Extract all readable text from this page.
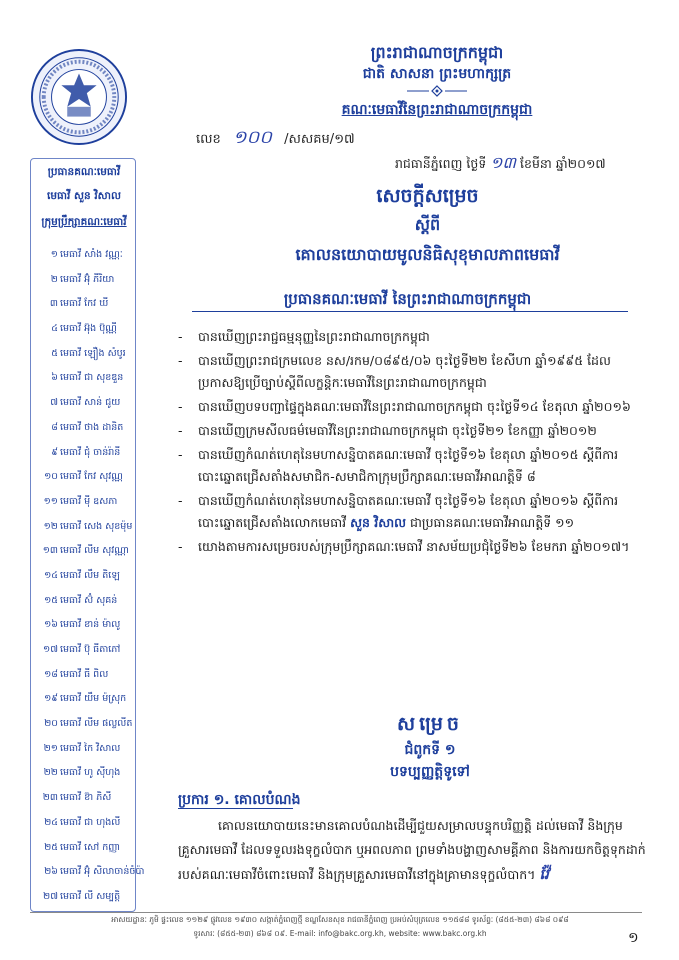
ព្រះរាជាណាចក្រកម្ពុជា
ជាតិ សាសនា ព្រះមហាក្សត្រ
គណៈមេធាវីនៃព្រះរាជាណាចក្រកម្ពុជា
លេខ ១០០ /សសគម/១៧
រាជធានីភ្នំពេញ ថ្ងៃទី ១៣ ខែមីនា ឆ្នាំ២០១៧
សេចក្តីសម្រេច
ស្តីពី
គោលនយោបាយមូលនិធិសុខុមាលភាពមេធាវី
ប្រធានគណៈមេធាវី នៃព្រះរាជាណាចក្រកម្ពុជា
ប្រធានគណៈមេធាវី
មេធាវី សួន វិសាល
ក្រុមប្រឹក្សាគណៈមេធាវី
១ មេធាវី សាំង វណ្ណៈ
២ មេធាវី អ៊ុំ ភីរិយា
៣ មេធាវី កែវ ឃី
៤ មេធាវី អ៊ុង ប៊ុណ្ណី
៥ មេធាវី ឡឿង សំបូរ
៦ មេធាវី ជា សុខឌួន
៧ មេធាវី សាន់ ជូយ
៨ មេធាវី ថាង ដានិត
៩ មេធាវី ជុំ ចាន់រ៉ានី
១០ មេធាវី កែវ សុវណ្ណ
១១ មេធាវី ម៉ី ឧសភា
១២ មេធាវី សេង សុខម៉ុម
១៣ មេធាវី លីម សុវណ្ណា
១៤ មេធាវី លឹម តិឡេ
១៥ មេធាវី ស៊ំ សុគន់
១៦ មេធាវី ខាន់ ម៉ាលូ
១៧ មេធាវី ប៊ុ ធីតាភៅ
១៨ មេធាវី ធី ពិល
១៩ មេធាវី យឹម ម៉ស្រុក
២០ មេធាវី លីម ផល្លលីត
២១ មេធាវី កៃ វិសាល
២២ មេធាវី ហូ ស៊ីហុង
២៣ មេធាវី ខ៊ា ភិសី
២៤ មេធាវី ជា ហុងលី
២៥ មេធាវី សៅ កញ្ញា
២៦ មេធាវី អ៊ុំ សិលាចាន់ចំប៉ា
២៧ មេធាវី លី សម្បត្តិ
- បានឃើញព្រះរាជ្ជធម្មនុញ្ញនៃព្រះរាជាណាចក្រកម្ពុជា
- បានឃើញព្រះរាជក្រមលេខ នស/រកម/០៨៩៥/០៦ ចុះថ្ងៃទី២២ ខែសីហា ឆ្នាំ១៩៩៥ ដែលប្រកាសឱ្យប្រើច្បាប់ស្តីពីលក្ខន្តិកៈមេធាវីនៃព្រះរាជាណាចក្រកម្ពុជា
- បានឃើញបទបញ្ជាផ្ទៃក្នុងគណៈមេធាវីនៃព្រះរាជាណាចក្រកម្ពុជា ចុះថ្ងៃទី១៤ ខែតុលា ឆ្នាំ២០១៦
- បានឃើញក្រមសីលធម៌មេធាវីនៃព្រះរាជាណាចក្រកម្ពុជា ចុះថ្ងៃទី២១ ខែកញ្ញា ឆ្នាំ២០១២
- បានឃើញកំណត់ហេតុនៃមហាសន្និបាតគណៈមេធាវី ចុះថ្ងៃទី១៦ ខែតុលា ឆ្នាំ២០១៥ ស្តីពីការបោះឆ្នោតជ្រើសតាំងសមាជិក-សមាជិកាក្រុមប្រឹក្សាគណៈមេធាវីអាណត្តិទី ៨
- បានឃើញកំណត់ហេតុនៃមហាសន្និបាតគណៈមេធាវី ចុះថ្ងៃទី១៦ ខែតុលា ឆ្នាំ២០១៦ ស្តីពីការបោះឆ្នោតជ្រើសតាំងលោកមេធាវី សួន វិសាល ជាប្រធានគណៈមេធាវីអាណត្តិទី ១១
- យោងតាមការសម្រេចរបស់ក្រុមប្រឹក្សាគណៈមេធាវី នាសម័យប្រជុំថ្ងៃទី២៦ ខែមករា ឆ្នាំ២០១៧។
សម្រេច
ជំពូកទី ១
បទប្បញ្ញត្តិទូទៅ
ប្រការ ១. គោលបំណង
គោលនយោបាយនេះមានគោលបំណងដើម្បីជួយសម្រាលបន្ទុកបរិញ្ញត្តិ ដល់មេធាវី និងក្រុមគ្រួសារមេធាវី ដែលទទួលរងទុក្ខលំបាក ឬអពលភាព ព្រមទាំងបង្ហាញសាមគ្គីភាព និងការយកចិត្តទុកដាក់របស់គណៈមេធាវីចំពោះមេធាវី និងក្រុមគ្រួសារមេធាវីនៅក្នុងគ្រាមានទុក្ខលំបាក។ វ៉ែ
អាសយដ្ឋានៈ ភូមិ ផ្ទះលេខ ១១២៩ ផ្លូវលេខ ១៩៣០ សង្កាត់ភ្នំពេញថ្មី ខណ្ឌសែនសុខ រាជធានីភ្នំពេញ ប្រអប់សំបុត្រលេខ ១១៥៨៨ ទូរស័ព្ទៈ (៨៥៥-២៣) ៨៦៨ ០៩៨
ទូរសារៈ (៨៥៥-២៣) ៨៦៨ ០៩. E-mail: info@bakc.org.kh, website: www.bakc.org.kh	១
